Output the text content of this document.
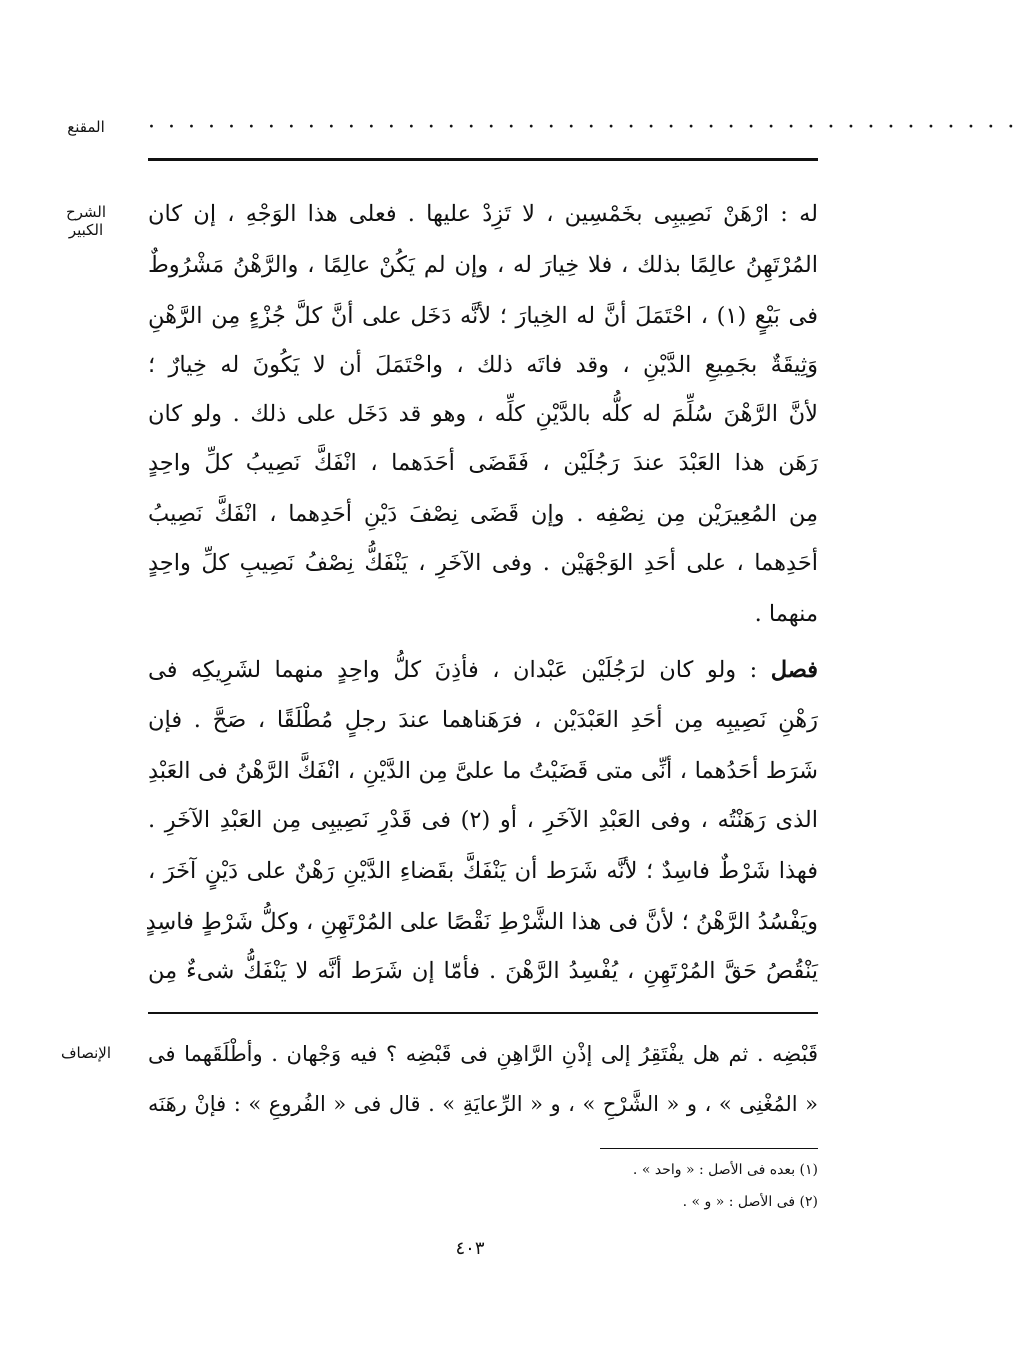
المقنع	· · · · · · · · · · · · · · · · · · · · · · · · · · · · · · · · · · · · · · · · · · · ·
الشرح الكبير
الإنصاف
له : ارْهَنْ نَصِيبِى بخَمْسِين ، لا تَزِدْ عليها . فعلى هذا الوَجْهِ ، إن كان
المُرْتَهِنُ عالِمًا بذلك ، فلا خِيارَ له ، وإن لم يَكُنْ عالِمًا ، والرَّهْنُ مَشْرُوطٌ
فى بَيْعٍ (١) ، احْتَمَلَ أنَّ له الخِيارَ ؛ لأنَّه دَخَل على أنَّ كلَّ جُزْءٍ مِن الرَّهْنِ
وَثِيقَةٌ بجَمِيعِ الدَّيْنِ ، وقد فاتَه ذلك ، واحْتَمَلَ أن لا يَكُونَ له خِيارٌ ؛
لأنَّ الرَّهْنَ سُلِّمَ له كلُّه بالدَّيْنِ كلِّه ، وهو قد دَخَل على ذلك . ولو كان
رَهَن هذا العَبْدَ عندَ رَجُلَيْن ، فَقَضَى أحَدَهما ، انْفَكَّ نَصِيبُ كلِّ واحِدٍ
مِن المُعِيرَيْن مِن نِصْفِه . وإن قَضَى نِصْفَ دَيْنِ أحَدِهما ، انْفَكَّ نَصِيبُ
أحَدِهما ، على أحَدِ الوَجْهَيْن . وفى الآخَرِ ، يَنْفَكُّ نِصْفُ نَصِيبِ كلِّ واحِدٍ
منهما .
فصل : ولو كان لرَجُلَيْن عَبْدان ، فأذِنَ كلُّ واحِدٍ منهما لشَرِيكِه فى
رَهْنِ نَصِيبِه مِن أحَدِ العَبْدَيْن ، فرَهَناهما عندَ رجلٍ مُطْلَقًا ، صَحَّ . فإن
شَرَط أحَدُهما ، أنِّى متى قَضَيْتُ ما علىَّ مِن الدَّيْنِ ، انْفَكَّ الرَّهْنُ فى العَبْدِ
الذى رَهَنْتُه ، وفى العَبْدِ الآخَرِ ، أو (٢) فى قَدْرِ نَصِيبِى مِن العَبْدِ الآخَرِ .
فهذا شَرْطٌ فاسِدٌ ؛ لأنَّه شَرَط أن يَنْفَكَّ بقَضاءِ الدَّيْنِ رَهْنٌ على دَيْنٍ آخَرَ ،
ويَفْسُدُ الرَّهْنُ ؛ لأنَّ فى هذا الشَّرْطِ نَقْصًا على المُرْتَهِنِ ، وكلُّ شَرْطٍ فاسِدٍ
يَنْقُصُ حَقَّ المُرْتَهِنِ ، يُفْسِدُ الرَّهْنَ . فأمّا إن شَرَط أنَّه لا يَنْفَكُّ شىءٌ مِن
قَبْضِه . ثم هل يفْتَقِرُ إلى إذْنِ الرَّاهِنِ فى قَبْضِه ؟ فيه وَجْهان . وأطْلَقَهما فى
« المُغْنِى » ، و « الشَّرْحِ » ، و « الرِّعايَةِ » . قال فى « الفُروعِ » : فإنْ رهَنَه
(١) بعده فى الأصل : « واحد » .
(٢) فى الأصل : « و » .
٤٠٣
